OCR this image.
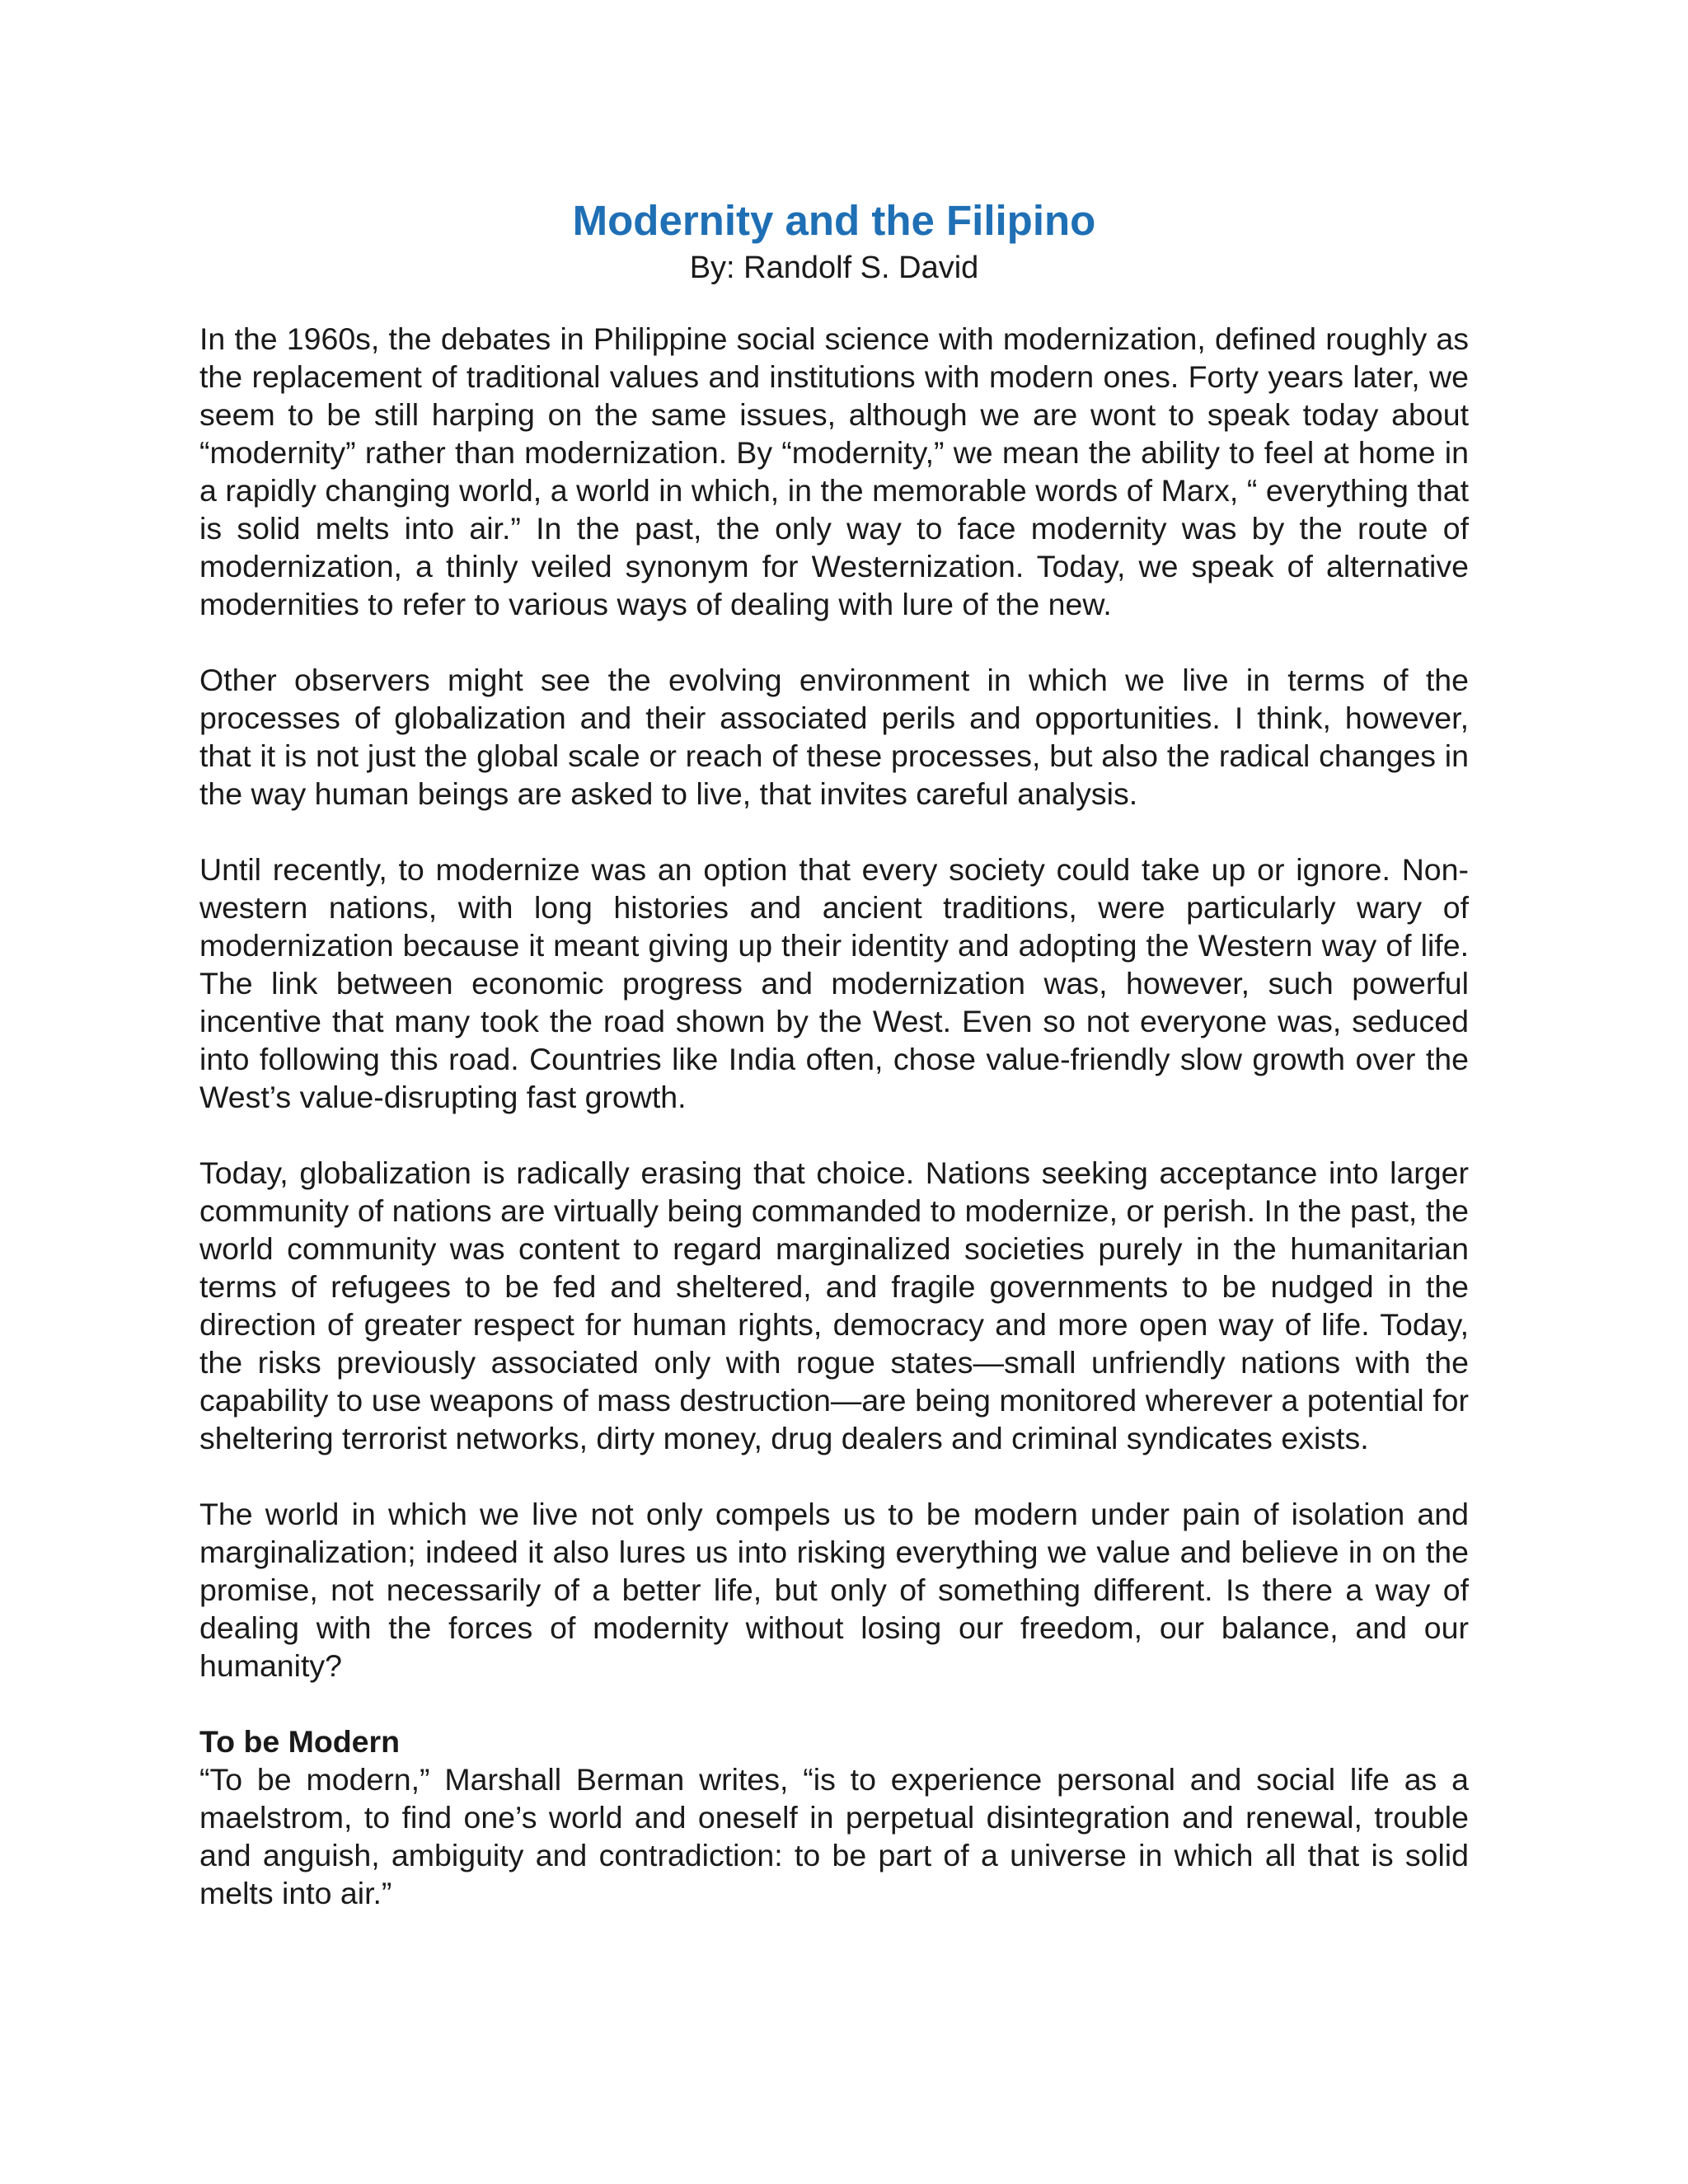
Modernity and the Filipino

By: Randolf S. David

In the 1960s, the debates in Philippine social science with modernization, defined roughly as the replacement of traditional values and institutions with modern ones. Forty years later, we seem to be still harping on the same issues, although we are wont to speak today about “modernity” rather than modernization. By “modernity,” we mean the ability to feel at home in a rapidly changing world, a world in which, in the memorable words of Marx, “ everything that is solid melts into air.” In the past, the only way to face modernity was by the route of modernization, a thinly veiled synonym for Westernization. Today, we speak of alternative modernities to refer to various ways of dealing with lure of the new.

Other observers might see the evolving environment in which we live in terms of the processes of globalization and their associated perils and opportunities. I think, however, that it is not just the global scale or reach of these processes, but also the radical changes in the way human beings are asked to live, that invites careful analysis.

Until recently, to modernize was an option that every society could take up or ignore. Non-western nations, with long histories and ancient traditions, were particularly wary of modernization because it meant giving up their identity and adopting the Western way of life. The link between economic progress and modernization was, however, such powerful incentive that many took the road shown by the West. Even so not everyone was, seduced into following this road. Countries like India often, chose value-friendly slow growth over the West’s value-disrupting fast growth.

Today, globalization is radically erasing that choice. Nations seeking acceptance into larger community of nations are virtually being commanded to modernize, or perish. In the past, the world community was content to regard marginalized societies purely in the humanitarian terms of refugees to be fed and sheltered, and fragile governments to be nudged in the direction of greater respect for human rights, democracy and more open way of life. Today, the risks previously associated only with rogue states—small unfriendly nations with the capability to use weapons of mass destruction—are being monitored wherever a potential for sheltering terrorist networks, dirty money, drug dealers and criminal syndicates exists.

The world in which we live not only compels us to be modern under pain of isolation and marginalization; indeed it also lures us into risking everything we value and believe in on the promise, not necessarily of a better life, but only of something different. Is there a way of dealing with the forces of modernity without losing our freedom, our balance, and our humanity?

To be Modern

“To be modern,” Marshall Berman writes, “is to experience personal and social life as a maelstrom, to find one’s world and oneself in perpetual disintegration and renewal, trouble and anguish, ambiguity and contradiction: to be part of a universe in which all that is solid melts into air.”
